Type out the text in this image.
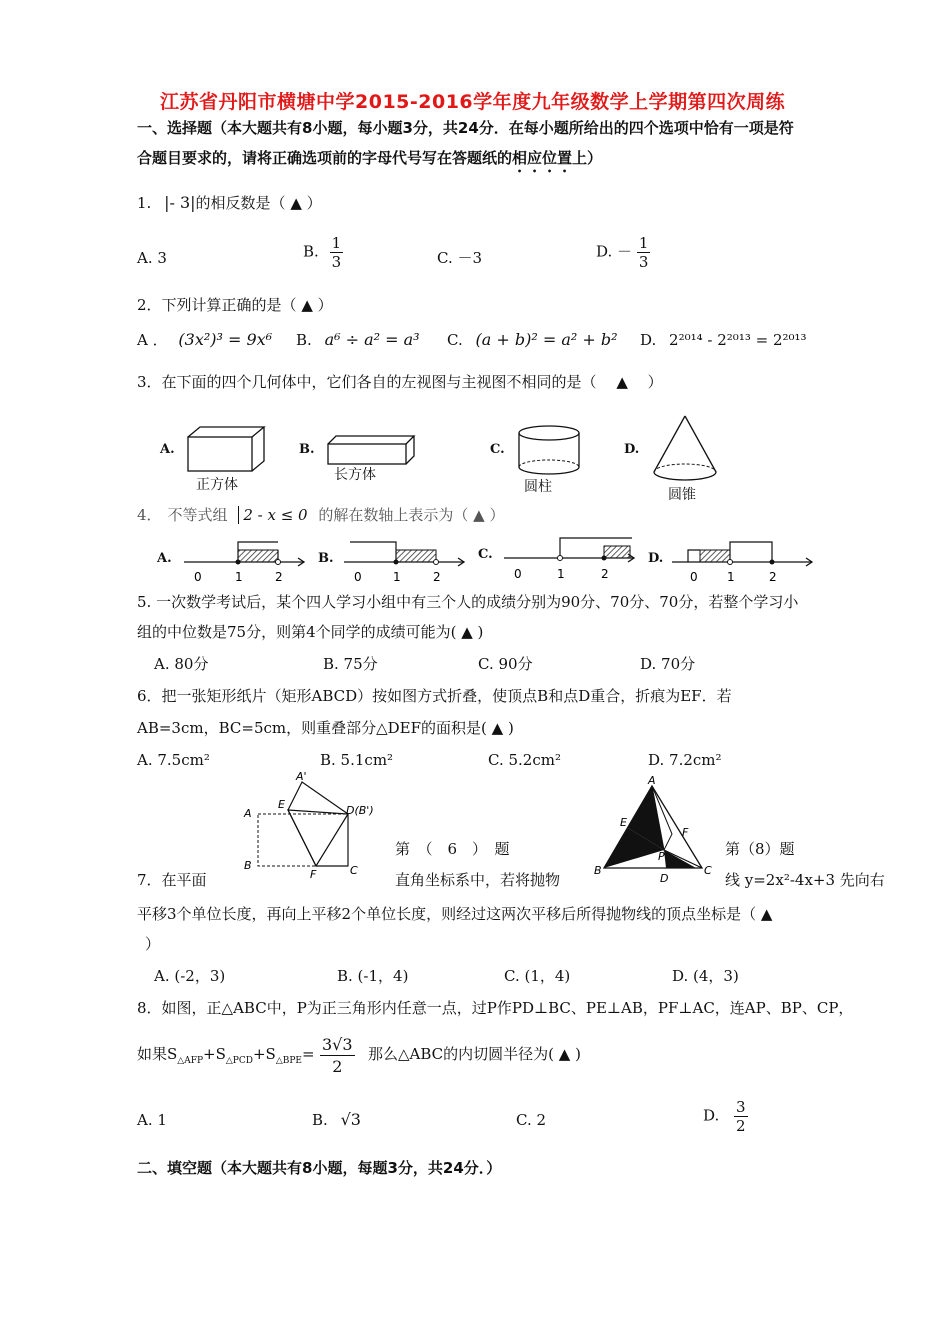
江苏省丹阳市横塘中学2015-2016学年度九年级数学上学期第四次周练
一、选择题（本大题共有8小题，每小题3分，共24分．在每小题所给出的四个选项中恰有一项是符
合题目要求的，请将正确选项前的字母代号写在答题纸的相应位置上）
1. |- 3|的相反数是（ ▲ ）
A. 3	B. $\frac{1}{3}$	C. －3	D. － $\frac{1}{3}$
2．下列计算正确的是（ ▲ ）
A ． (3x²)³ = 9x⁶ B. a⁶ ÷ a² = a³ C. (a + b)² = a² + b² D. 2²⁰¹⁴ - 2²⁰¹³ = 2²⁰¹³
3．在下面的四个几何体中，它们各自的左视图与主视图不相同的是（　 ▲ 　）
A.
正方体
B.
长方体
C.
圆柱
D.
圆锥
4． 不等式组 2 - x ≤ 0 的解在数轴上表示为（ ▲ ）
A.
0	1	2
B.
0	1	2
C.
0	1	2
D.
0 1	2
5. 一次数学考试后，某个四人学习小组中有三个人的成绩分别为90分、70分、70分，若整个学习小
组的中位数是75分，则第4个同学的成绩可能为( ▲ )
A. 80分	B. 75分	C. 90分	D. 70分
6．把一张矩形纸片（矩形ABCD）按如图方式折叠，使顶点B和点D重合，折痕为EF．若
AB=3cm，BC=5cm，则重叠部分△DEF的面积是( ▲ )
A. 7.5cm²	B. 5.1cm²	C. 5.2cm²	D. 7.2cm²
A'
A
E	D(B')
B
F	C
第　（　6　）　题
A
E
F
P
B
D
C
第（8）题
7．在平面	直角坐标系中，若将抛物	线 y=2x²-4x+3 先向右
平移3个单位长度，再向上平移2个单位长度，则经过这两次平移后所得抛物线的顶点坐标是（ ▲
）
A. (-2，3)	B. (-1，4)	C. (1，4)	D. (4，3)
8．如图，正△ABC中，P为正三角形内任意一点，过P作PD⊥BC、PE⊥AB，PF⊥AC，连AP、BP、CP，
如果$S_{\triangle AFP}+S_{\triangle PCD}+S_{\triangle BPE}= \frac{3√3}{2}$ 那么△ABC的内切圆半径为( ▲ )
A. 1	B. √3	C. 2	D. $\frac{3}{2}$
二、填空题（本大题共有8小题，每题3分，共24分．）
